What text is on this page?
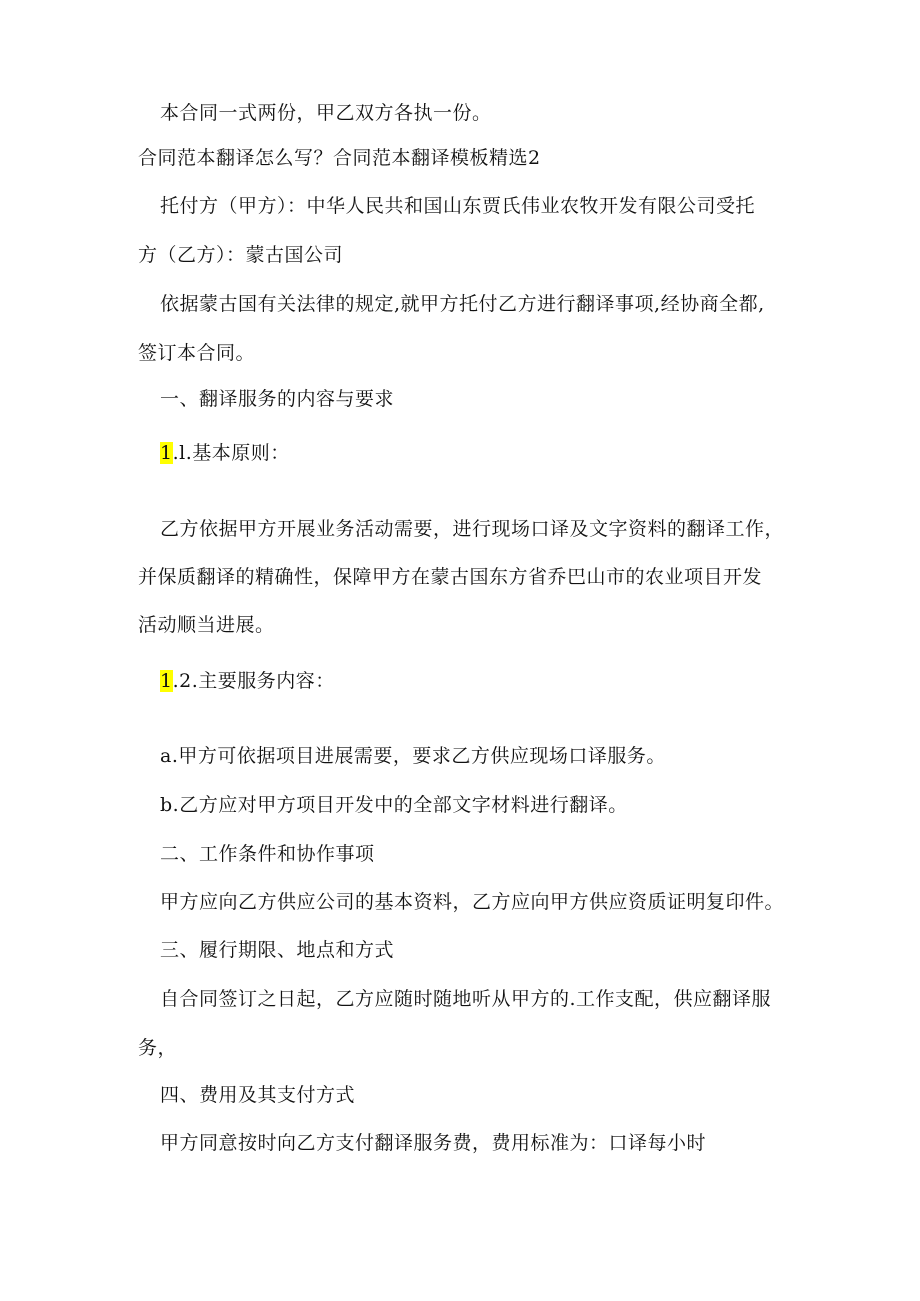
本合同一式两份，甲乙双方各执一份。
合同范本翻译怎么写？合同范本翻译模板精选2
托付方（甲方）：中华人民共和国山东贾氏伟业农牧开发有限公司受托
方（乙方）：蒙古国公司
依据蒙古国有关法律的规定,就甲方托付乙方进行翻译事项,经协商全都,
签订本合同。
一、翻译服务的内容与要求
1.l.基本原则：
乙方依据甲方开展业务活动需要，进行现场口译及文字资料的翻译工作，
并保质翻译的精确性，保障甲方在蒙古国东方省乔巴山市的农业项目开发
活动顺当进展。
1.2.主要服务内容：
a.甲方可依据项目进展需要，要求乙方供应现场口译服务。
b.乙方应对甲方项目开发中的全部文字材料进行翻译。
二、工作条件和协作事项
甲方应向乙方供应公司的基本资料，乙方应向甲方供应资质证明复印件。
三、履行期限、地点和方式
自合同签订之日起，乙方应随时随地听从甲方的.工作支配，供应翻译服
务，
四、费用及其支付方式
甲方同意按时向乙方支付翻译服务费，费用标准为：口译每小时
